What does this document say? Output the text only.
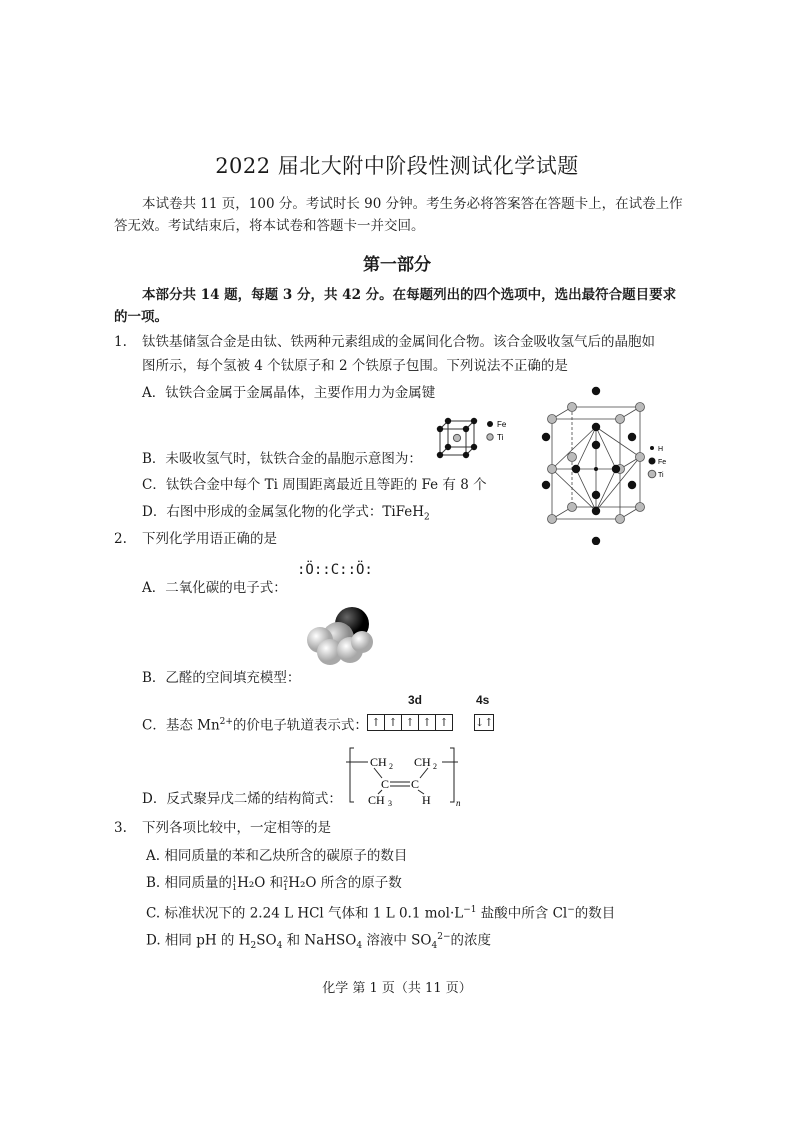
2022 届北大附中阶段性测试化学试题
本试卷共 11 页，100 分。考试时长 90 分钟。考生务必将答案答在答题卡上，在试卷上作
答无效。考试结束后，将本试卷和答题卡一并交回。
第一部分
本部分共 14 题，每题 3 分，共 42 分。在每题列出的四个选项中，选出最符合题目要求
的一项。
1. 钛铁基储氢合金是由钛、铁两种元素组成的金属间化合物。该合金吸收氢气后的晶胞如
图所示，每个氢被 4 个钛原子和 2 个铁原子包围。下列说法不 •正 •确 •的是
A．钛铁合金属于金属晶体，主要作用力为金属键
Fe
Ti
B．未吸收氢气时，钛铁合金的晶胞示意图为：
C．钛铁合金中每个 Ti 周围距离最近且等距的 Fe 有 8 个
D．右图中形成的金属氢化物的化学式：TiFeH$_2$
H
Fe
Ti
2. 下列化学用语正确的是
:Ö::C::Ö:
A．二氧化碳的电子式：
B．乙醛的空间填充模型：
3d	4s
C．基态 $Mn^{2+}$的价电子轨道表示式： ↑ ↑ ↑ ↑ ↑	↓↑
CH 2 CH 2
C C
CH 3	H	n
D．反式聚异戊二烯的结构简式：
3. 下列各项比较中，一定相等的是
A. 相同质量的苯和乙炔所含的碳原子的数目
B. 相同质量的 1
1 H₂O 和 2
1 H₂O 所含的原子数
C. 标准状况下的 2.24 L HCl 气体和 1 L 0.1 $mol\cdot L^{-1}$ 盐酸中所含 Cl−的数目
D. 相同 pH 的 $H_2SO_4$ 和 NaHSO$_4$ 溶液中 $SO_4^{2-}$的浓度
化学 第 1 页（共 11 页）
